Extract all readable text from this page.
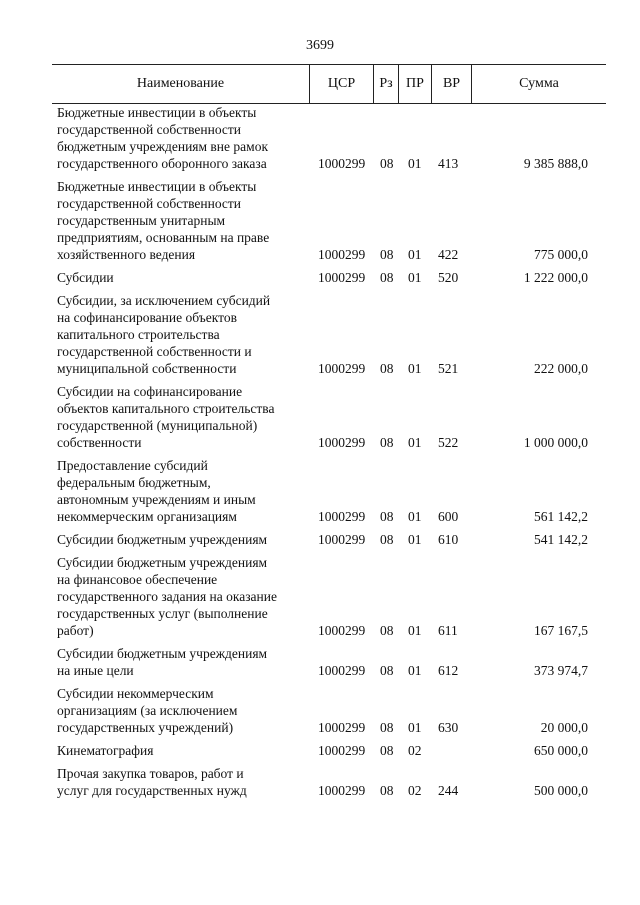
3699
Наименование	ЦСР	Рз ПР	ВР	Сумма
Бюджетные инвестиции в объекты
государственной собственности
бюджетным учреждениям вне рамок
государственного оборонного заказа	1000299 08 01 413	9 385 888,0
Бюджетные инвестиции в объекты
государственной собственности
государственным унитарным
предприятиям, основанным на праве
хозяйственного ведения	1000299 08 01 422	775 000,0
Субсидии	1000299 08 01 520	1 222 000,0
Субсидии, за исключением субсидий
на софинансирование объектов
капитального строительства
государственной собственности и
муниципальной собственности	1000299 08 01 521	222 000,0
Субсидии на софинансирование
объектов капитального строительства
государственной (муниципальной)
собственности	1000299 08 01 522	1 000 000,0
Предоставление субсидий
федеральным бюджетным,
автономным учреждениям и иным
некоммерческим организациям	1000299 08 01 600	561 142,2
Субсидии бюджетным учреждениям	1000299 08 01 610	541 142,2
Субсидии бюджетным учреждениям
на финансовое обеспечение
государственного задания на оказание
государственных услуг (выполнение
работ)	1000299 08 01 611	167 167,5
Субсидии бюджетным учреждениям
на иные цели	1000299 08 01 612	373 974,7
Субсидии некоммерческим
организациям (за исключением
государственных учреждений)	1000299 08 01 630	20 000,0
Кинематография	1000299 08 02	650 000,0
Прочая закупка товаров, работ и
услуг для государственных нужд	1000299 08 02 244	500 000,0
